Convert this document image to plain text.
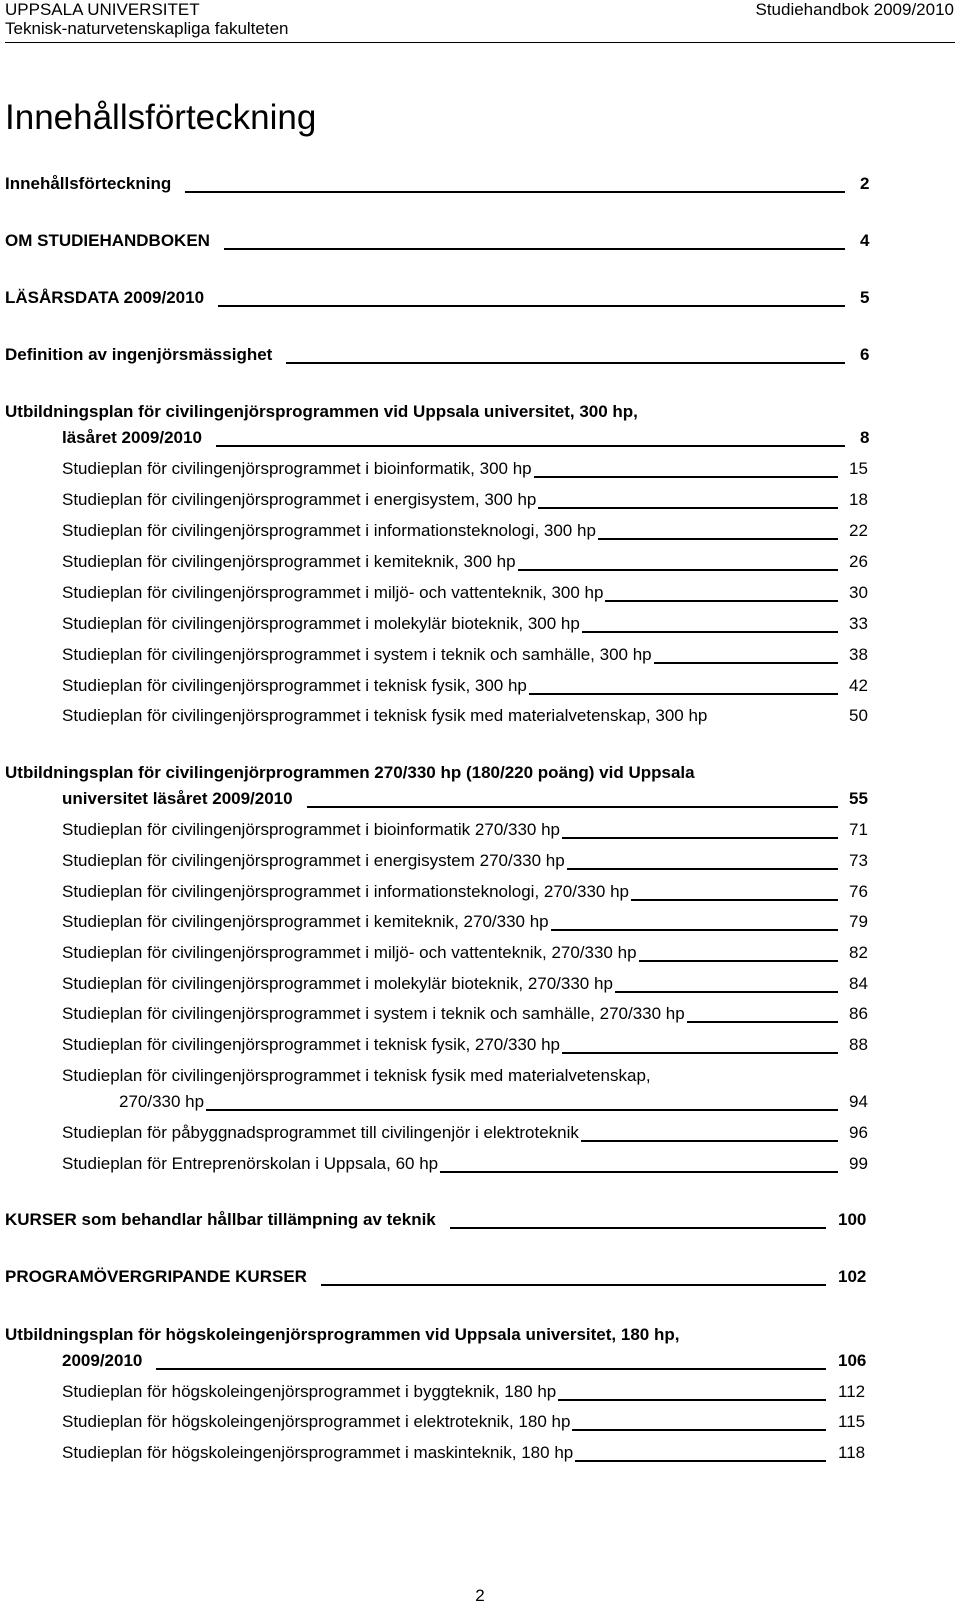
UPPSALA UNIVERSITET
Teknisk-naturvetenskapliga fakulteten
Studiehandbok 2009/2010
Innehållsförteckning
Innehållsförteckning	2
OM STUDIEHANDBOKEN	4
LÄSÅRSDATA 2009/2010	5
Definition av ingenjörsmässighet	6
Utbildningsplan för civilingenjörsprogrammen vid Uppsala universitet, 300 hp,
läsåret 2009/2010	8
Studieplan för civilingenjörsprogrammet i bioinformatik, 300 hp	15
Studieplan för civilingenjörsprogrammet i energisystem, 300 hp	18
Studieplan för civilingenjörsprogrammet i informationsteknologi, 300 hp	22
Studieplan för civilingenjörsprogrammet i kemiteknik, 300 hp	26
Studieplan för civilingenjörsprogrammet i miljö- och vattenteknik, 300 hp	30
Studieplan för civilingenjörsprogrammet i molekylär bioteknik, 300 hp	33
Studieplan för civilingenjörsprogrammet i system i teknik och samhälle, 300 hp	38
Studieplan för civilingenjörsprogrammet i teknisk fysik, 300 hp	42
Studieplan för civilingenjörsprogrammet i teknisk fysik med materialvetenskap, 300 hp	50
Utbildningsplan för civilingenjörprogrammen 270/330 hp (180/220 poäng) vid Uppsala
universitet läsåret 2009/2010	55
Studieplan för civilingenjörsprogrammet i bioinformatik 270/330 hp	71
Studieplan för civilingenjörsprogrammet i energisystem 270/330 hp	73
Studieplan för civilingenjörsprogrammet i informationsteknologi, 270/330 hp	76
Studieplan för civilingenjörsprogrammet i kemiteknik, 270/330 hp	79
Studieplan för civilingenjörsprogrammet i miljö- och vattenteknik, 270/330 hp	82
Studieplan för civilingenjörsprogrammet i molekylär bioteknik, 270/330 hp	84
Studieplan för civilingenjörsprogrammet i system i teknik och samhälle, 270/330 hp	86
Studieplan för civilingenjörsprogrammet i teknisk fysik, 270/330 hp	88
Studieplan för civilingenjörsprogrammet i teknisk fysik med materialvetenskap,
270/330 hp	94
Studieplan för påbyggnadsprogrammet till civilingenjör i elektroteknik	96
Studieplan för Entreprenörskolan i Uppsala, 60 hp	99
KURSER som behandlar hållbar tillämpning av teknik	100
PROGRAMÖVERGRIPANDE KURSER	102
Utbildningsplan för högskoleingenjörsprogrammen vid Uppsala universitet, 180 hp,
2009/2010	106
Studieplan för högskoleingenjörsprogrammet i byggteknik, 180 hp	112
Studieplan för högskoleingenjörsprogrammet i elektroteknik, 180 hp	115
Studieplan för högskoleingenjörsprogrammet i maskinteknik, 180 hp	118
2
